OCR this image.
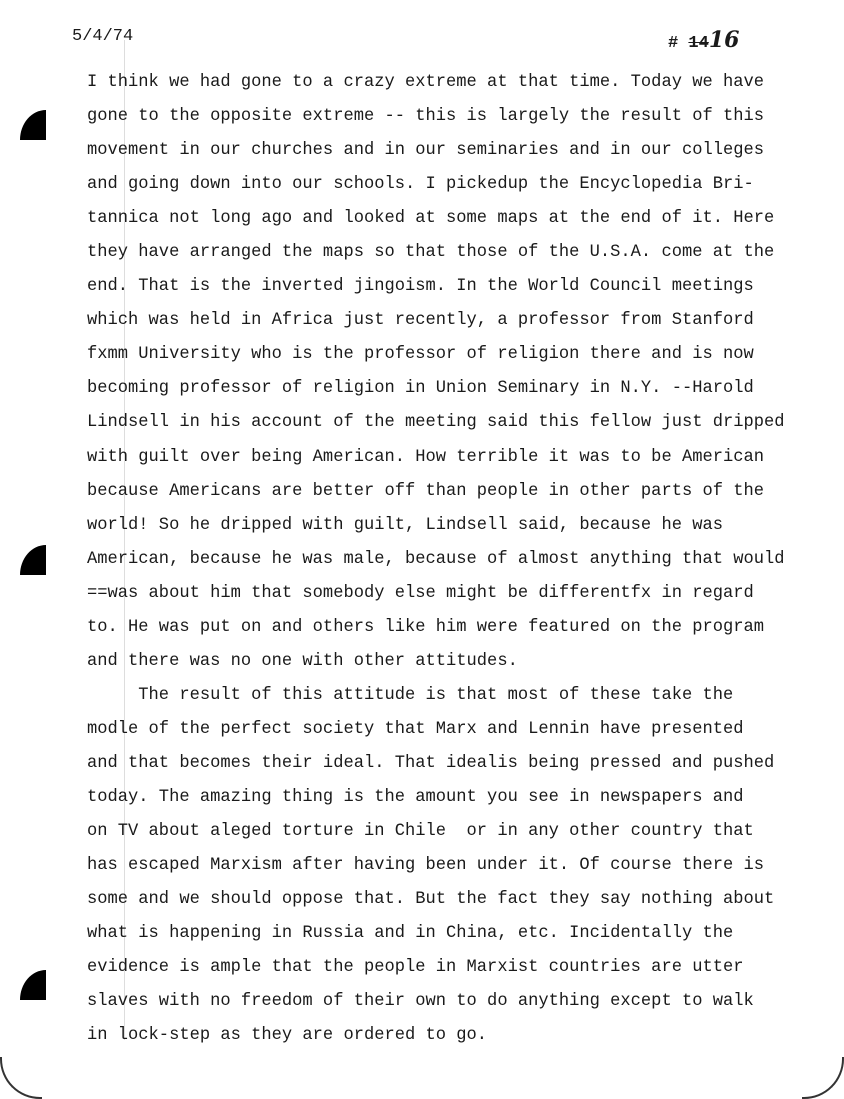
5/4/74	# 1416
I think we had gone to a crazy extreme at that time. Today we have
gone to the opposite extreme -- this is largely the result of this
movement in our churches and in our seminaries and in our colleges
and going down into our schools. I pickedup the Encyclopedia Bri-
tannica not long ago and looked at some maps at the end of it. Here
they have arranged the maps so that those of the U.S.A. come at the
end. That is the inverted jingoism. In the World Council meetings
which was held in Africa just recently, a professor from Stanford
fxmm University who is the professor of religion there and is now
becoming professor of religion in Union Seminary in N.Y. --Harold
Lindsell in his account of the meeting said this fellow just dripped
with guilt over being American. How terrible it was to be American
because Americans are better off than people in other parts of the
world! So he dripped with guilt, Lindsell said, because he was
American, because he was male, because of almost anything that would
==was about him that somebody else might be differentfx in regard
to. He was put on and others like him were featured on the program
and there was no one with other attitudes.
The result of this attitude is that most of these take the
modle of the perfect society that Marx and Lennin have presented
and that becomes their ideal. That idealis being pressed and pushed
today. The amazing thing is the amount you see in newspapers and
on TV about aleged torture in Chile  or in any other country that
has escaped Marxism after having been under it. Of course there is
some and we should oppose that. But the fact they say nothing about
what is happening in Russia and in China, etc. Incidentally the
evidence is ample that the people in Marxist countries are utter
slaves with no freedom of their own to do anything except to walk
in lock-step as they are ordered to go.
